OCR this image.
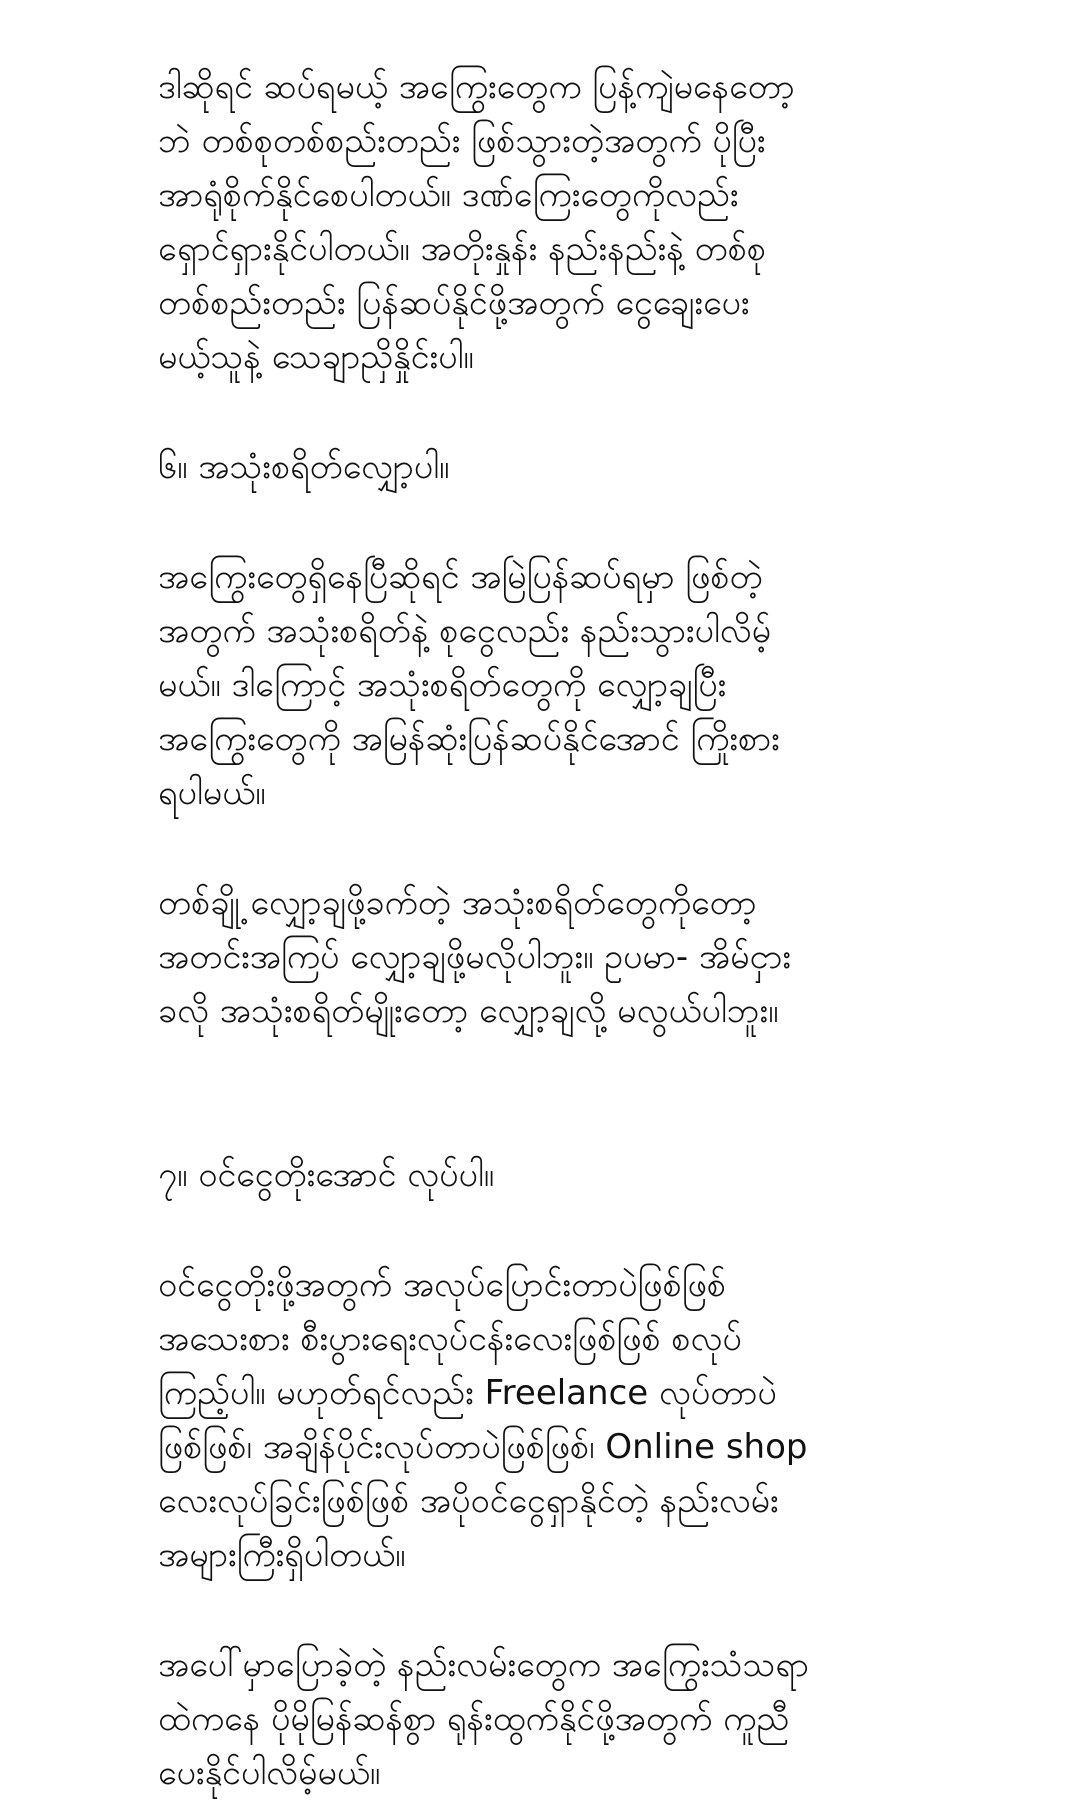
ဒါဆိုရင် ဆပ်ရမယ့် အကြွေးတွေက ပြန့်ကျဲမနေတော့
ဘဲ တစ်စုတစ်စည်းတည်း ဖြစ်သွားတဲ့အတွက် ပိုပြီး
အာရုံစိုက်နိုင်စေပါတယ်။ ဒဏ်ကြေးတွေကိုလည်း
ရှောင်ရှားနိုင်ပါတယ်။ အတိုးနှုန်း နည်းနည်းနဲ့ တစ်စု
တစ်စည်းတည်း ပြန်ဆပ်နိုင်ဖို့အတွက် ငွေချေးပေး
မယ့်သူနဲ့ သေချာညှိနှိုင်းပါ။
၆။ အသုံးစရိတ်လျှော့ပါ။
အကြွေးတွေရှိနေပြီဆိုရင် အမြဲပြန်ဆပ်ရမှာ ဖြစ်တဲ့
အတွက် အသုံးစရိတ်နဲ့ စုငွေလည်း နည်းသွားပါလိမ့်
မယ်။ ဒါကြောင့် အသုံးစရိတ်တွေကို လျှော့ချပြီး
အကြွေးတွေကို အမြန်ဆုံးပြန်ဆပ်နိုင်အောင် ကြိုးစား
ရပါမယ်။
တစ်ချို့ လျှော့ချဖို့ခက်တဲ့ အသုံးစရိတ်တွေကိုတော့
အတင်းအကြပ် လျှော့ချဖို့မလိုပါဘူး။ ဥပမာ- အိမ်ငှား
ခလို အသုံးစရိတ်မျိုးတော့ လျှော့ချလို့ မလွယ်ပါဘူး။
၇။ ဝင်ငွေတိုးအောင် လုပ်ပါ။
ဝင်ငွေတိုးဖို့အတွက် အလုပ်ပြောင်းတာပဲဖြစ်ဖြစ်
အသေးစား စီးပွားရေးလုပ်ငန်းလေးဖြစ်ဖြစ် စလုပ်
ကြည့်ပါ။ မဟုတ်ရင်လည်း Freelance လုပ်တာပဲ
ဖြစ်ဖြစ်၊ အချိန်ပိုင်းလုပ်တာပဲဖြစ်ဖြစ်၊ Online shop
လေးလုပ်ခြင်းဖြစ်ဖြစ် အပိုဝင်ငွေရှာနိုင်တဲ့ နည်းလမ်း
အများကြီးရှိပါတယ်။
အပေါ်မှာပြောခဲ့တဲ့ နည်းလမ်းတွေက အကြွေးသံသရာ
ထဲကနေ ပိုမိုမြန်ဆန်စွာ ရုန်းထွက်နိုင်ဖို့အတွက် ကူညီ
ပေးနိုင်ပါလိမ့်မယ်။
